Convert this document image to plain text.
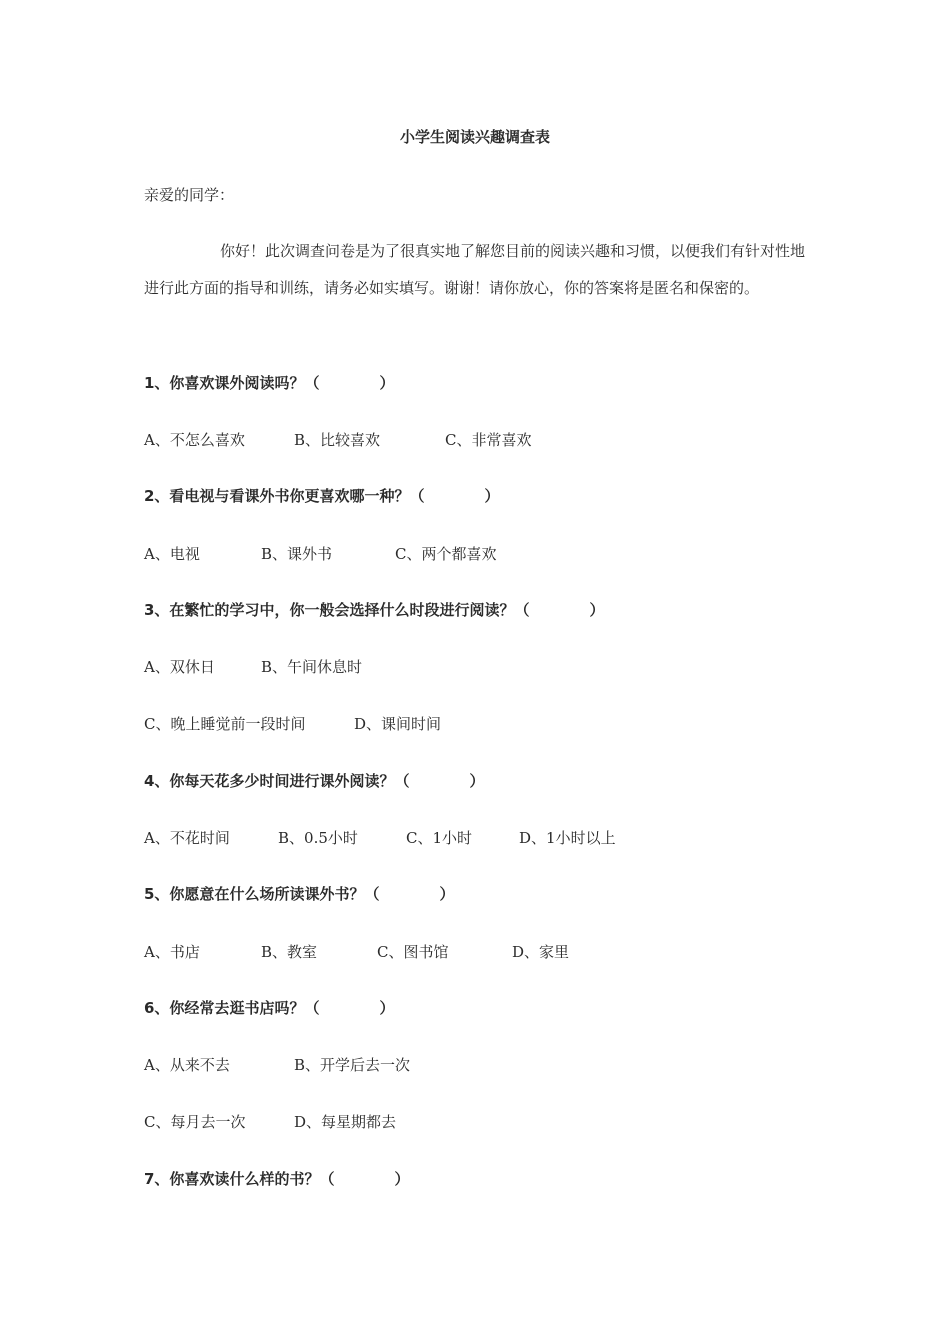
小学生阅读兴趣调查表
亲爱的同学：
你好！此次调查问卷是为了很真实地了解您目前的阅读兴趣和习惯，以便我们有针对性地进行此方面的指导和训练，请务必如实填写。谢谢！请你放心，你的答案将是匿名和保密的。
1、你喜欢课外阅读吗？（　　　　）
A、不怎么喜欢	B、比较喜欢	C、非常喜欢
2、看电视与看课外书你更喜欢哪一种？（　　　　）
A、电视	B、课外书	C、两个都喜欢
3、在繁忙的学习中，你一般会选择什么时段进行阅读？（　　　　）
A、双休日	B、午间休息时
C、晚上睡觉前一段时间	D、课间时间
4、你每天花多少时间进行课外阅读？（　　　　）
A、不花时间	B、0.5小时	C、1小时	D、1小时以上
5、你愿意在什么场所读课外书？（　　　　）
A、书店	B、教室	C、图书馆	D、家里
6、你经常去逛书店吗？（　　　　）
A、从来不去	B、开学后去一次
C、每月去一次	D、每星期都去
7、你喜欢读什么样的书？（　　　　）
